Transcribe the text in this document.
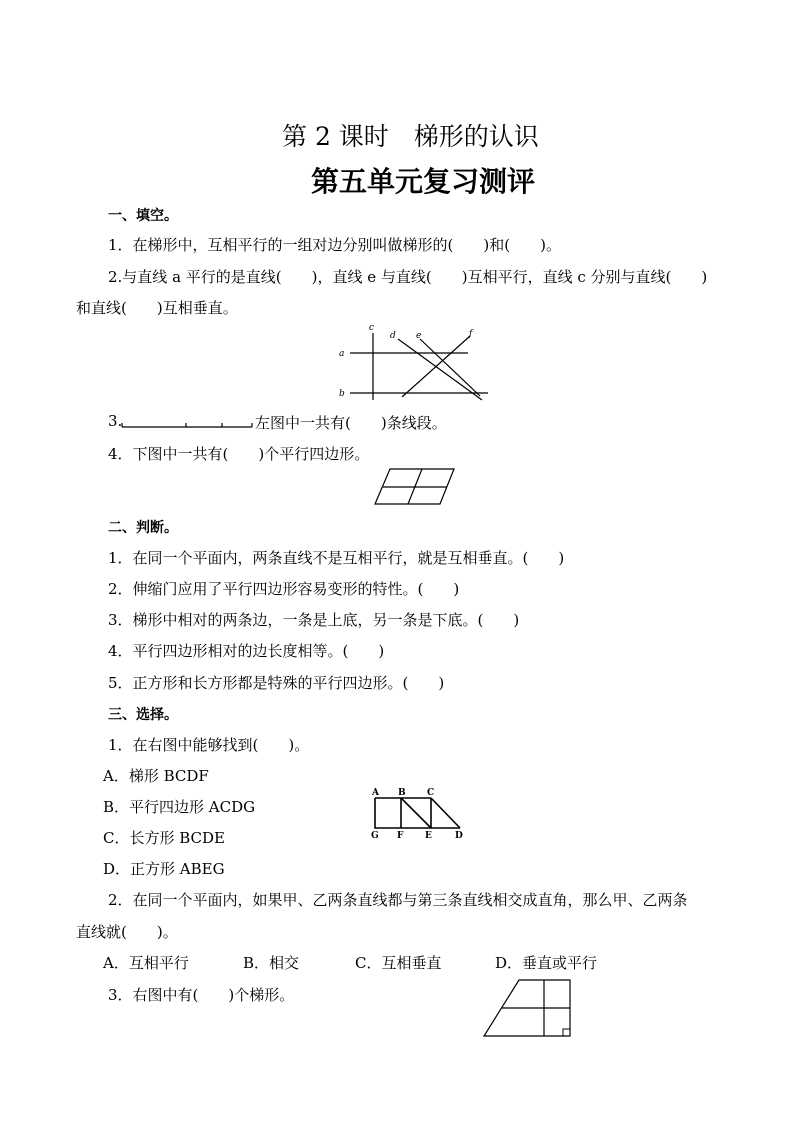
第 2 课时　梯形的认识
第五单元复习测评
一、填空。
1．在梯形中，互相平行的一组对边分别叫做梯形的(　　)和(　　)。
2.与直线 a 平行的是直线(　　)，直线 e 与直线(　　)互相平行，直线 c 分别与直线(　　)
和直线(　　)互相垂直。
a
b
c
d e	f
3.	左图中一共有(　　)条线段。
4．下图中一共有(　　)个平行四边形。
二、判断。
1．在同一个平面内，两条直线不是互相平行，就是互相垂直。(　　)
2．伸缩门应用了平行四边形容易变形的特性。(　　)
3．梯形中相对的两条边，一条是上底，另一条是下底。(　　)
4．平行四边形相对的边长度相等。(　　)
5．正方形和长方形都是特殊的平行四边形。(　　)
三、选择。
1．在右图中能够找到(　　)。
A．梯形 BCDF
B．平行四边形 ACDG
C．长方形 BCDE
D．正方形 ABEG
A B C
G F E	D
2．在同一个平面内，如果甲、乙两条直线都与第三条直线相交成直角，那么甲、乙两条
直线就(　　)。
A．互相平行	B．相交	C．互相垂直	D．垂直或平行
3．右图中有(　　)个梯形。
